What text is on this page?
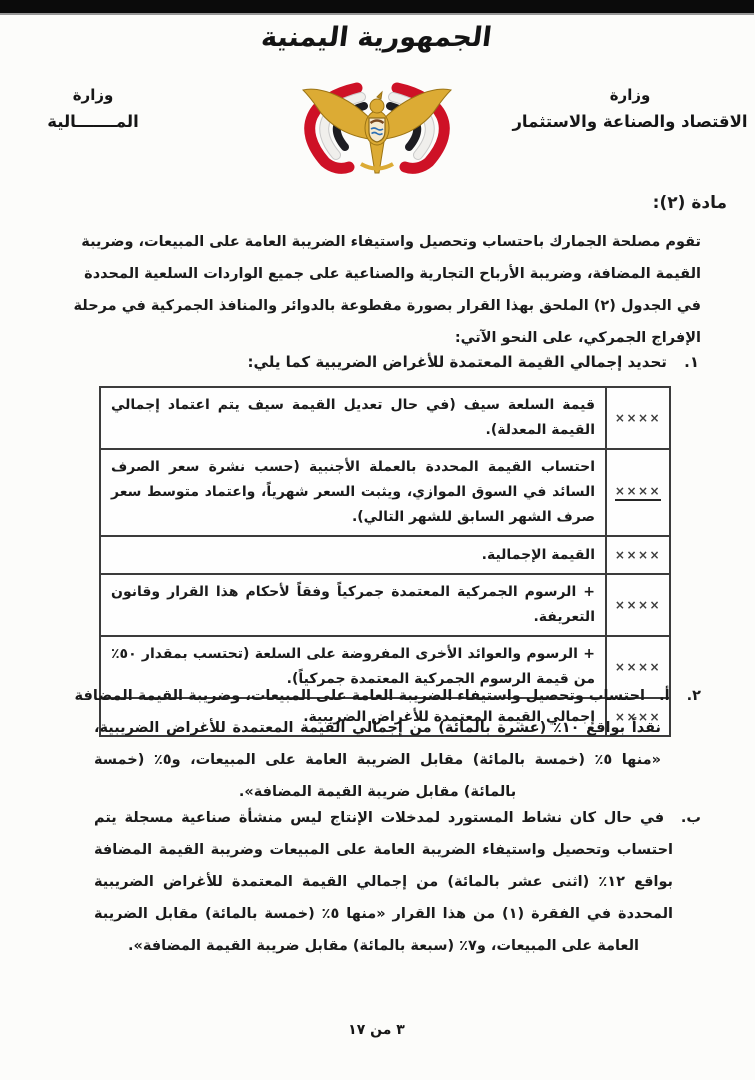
الجمهورية اليمنية
وزارة
الاقتصاد والصناعة والاستثمار
وزارة
المـــــــالية
مادة (٢):
تقوم مصلحة الجمارك باحتساب وتحصيل واستيفاء الضريبة العامة على المبيعات، وضريبة
القيمة المضافة، وضريبة الأرباح التجارية والصناعية على جميع الواردات السلعية المحددة
في الجدول (٢) الملحق بهذا القرار بصورة مقطوعة بالدوائر والمنافذ الجمركية في مرحلة
الإفراج الجمركي، على النحو الآتي:
١. تحديد إجمالي القيمة المعتمدة للأغراض الضريبية كما يلي:
××××
قيمة السلعة سيف (في حال تعديل القيمة سيف يتم اعتماد إجمالي القيمة المعدلة).
××××
احتساب القيمة المحددة بالعملة الأجنبية (حسب نشرة سعر الصرف السائد في السوق الموازي، ويثبت السعر شهرياً، واعتماد متوسط سعر صرف الشهر السابق للشهر التالي).
××××
القيمة الإجمالية.
××××
+ الرسوم الجمركية المعتمدة جمركياً وفقاً لأحكام هذا القرار وقانون التعريفة.
××××
+ الرسوم والعوائد الأخرى المفروضة على السلعة (تحتسب بمقدار ٥٠٪ من قيمة الرسوم الجمركية المعتمدة جمركياً).
××××
إجمالي القيمة المعتمدة للأغراض الضريبية.
٢. أ. احتساب وتحصيل واستيفاء الضريبة العامة على المبيعات، وضريبة القيمة المضافة
نقداً بواقع ١٠٪ (عشرة بالمائة) من إجمالي القيمة المعتمدة للأغراض الضريبية،
«منها ٥٪ (خمسة بالمائة) مقابل الضريبة العامة على المبيعات، و٥٪ (خمسة
بالمائة) مقابل ضريبة القيمة المضافة».
ب. في حال كان نشاط المستورد لمدخلات الإنتاج ليس منشأة صناعية مسجلة يتم
احتساب وتحصيل واستيفاء الضريبة العامة على المبيعات وضريبة القيمة المضافة
بواقع ١٢٪ (اثنى عشر بالمائة) من إجمالي القيمة المعتمدة للأغراض الضريبية
المحددة في الفقرة (١) من هذا القرار «منها ٥٪ (خمسة بالمائة) مقابل الضريبة
العامة على المبيعات، و٧٪ (سبعة بالمائة) مقابل ضريبة القيمة المضافة».
٣ من ١٧
